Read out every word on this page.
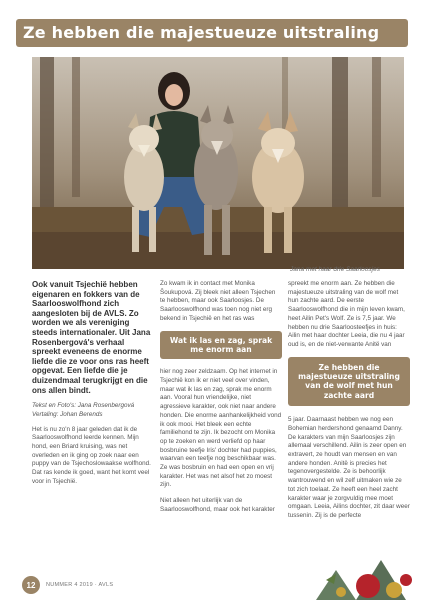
Ze hebben die majestueuze uitstraling
Jana met haar drie Saarloosjes

Ook vanuit Tsjechië hebben eigenaren en fokkers van de Saarlooswolfhond zich aangesloten bij de AVLS. Zo worden we als vereniging steeds internationaler. Uit Jana Rosenbergová's verhaal spreekt eveneens de enorme liefde die ze voor ons ras heeft opgevat. Een liefde die je duizendmaal terugkrijgt en die ons allen bindt.

Tekst en Foto's: Jana Rosenbergová
Vertaling: Johan Berends

Het is nu zo'n 8 jaar geleden dat ik de Saarlooswolfhond leerde kennen. Mijn hond, een Briard kruising, was net overleden en ik ging op zoek naar een puppy van de Tsjechoslowaakse wolfhond. Dat ras kende ik goed, want het komt veel voor in Tsjechië.

Zo kwam ik in contact met Monika Šoukupová. Zij bleek niet alleen Tsjechen te hebben, maar ook Saarloosjes. De Saarlooswolfhond was toen nog niet erg bekend in Tsjechië en het ras was

Wat ik las en zag, sprak me enorm aan

hier nog zeer zeldzaam. Op het internet in Tsjechië kon ik er niet veel over vinden, maar wat ik las en zag, sprak me enorm aan. Vooral hun vriendelijke, niet agressieve karakter, ook niet naar andere honden. Die enorme aanhankelijkheid vond ik ook mooi. Het bleek een echte familiehond te zijn. Ik bezocht om Monika op te zoeken en werd verliefd op haar bosbruine teefje Iris' dochter had puppies, waarvan een teefje nog beschikbaar was. Ze was bosbruin en had een open en vrij karakter. Het was net alsof het zo moest zijn.

Niet alleen het uiterlijk van de Saarlooswolfhond, maar ook het karakter

spreekt me enorm aan. Ze hebben die majestueuze uitstraling van de wolf met hun zachte aard. De eerste Saarlooswolfhond die in mijn leven kwam, heet Ailin Pet's Wolf. Ze is 7,5 jaar. We hebben nu drie Saarloosteefjes in huis: Ailin met haar dochter Leeia, die nu 4 jaar oud is, en de niet-verwante Anitë van

Ze hebben die majestueuze uitstraling van de wolf met hun zachte aard

5 jaar. Daarnaast hebben we nog een Bohemian herdershond genaamd Danny. De karakters van mijn Saarloosjes zijn allemaal verschillend. Ailin is zeer open en extravert, ze houdt van mensen en van andere honden. Anitë is precies het tegenovergestelde. Ze is behoorlijk wantrouwend en wil zelf uitmaken wie ze tot zich toelaat. Ze heeft een heel zacht karakter waar je zorgvuldig mee moet omgaan. Leeia, Ailins dochter, zit daar weer tussenin. Zij is de perfecte

12	NUMMER 4 2019 · AVLS
